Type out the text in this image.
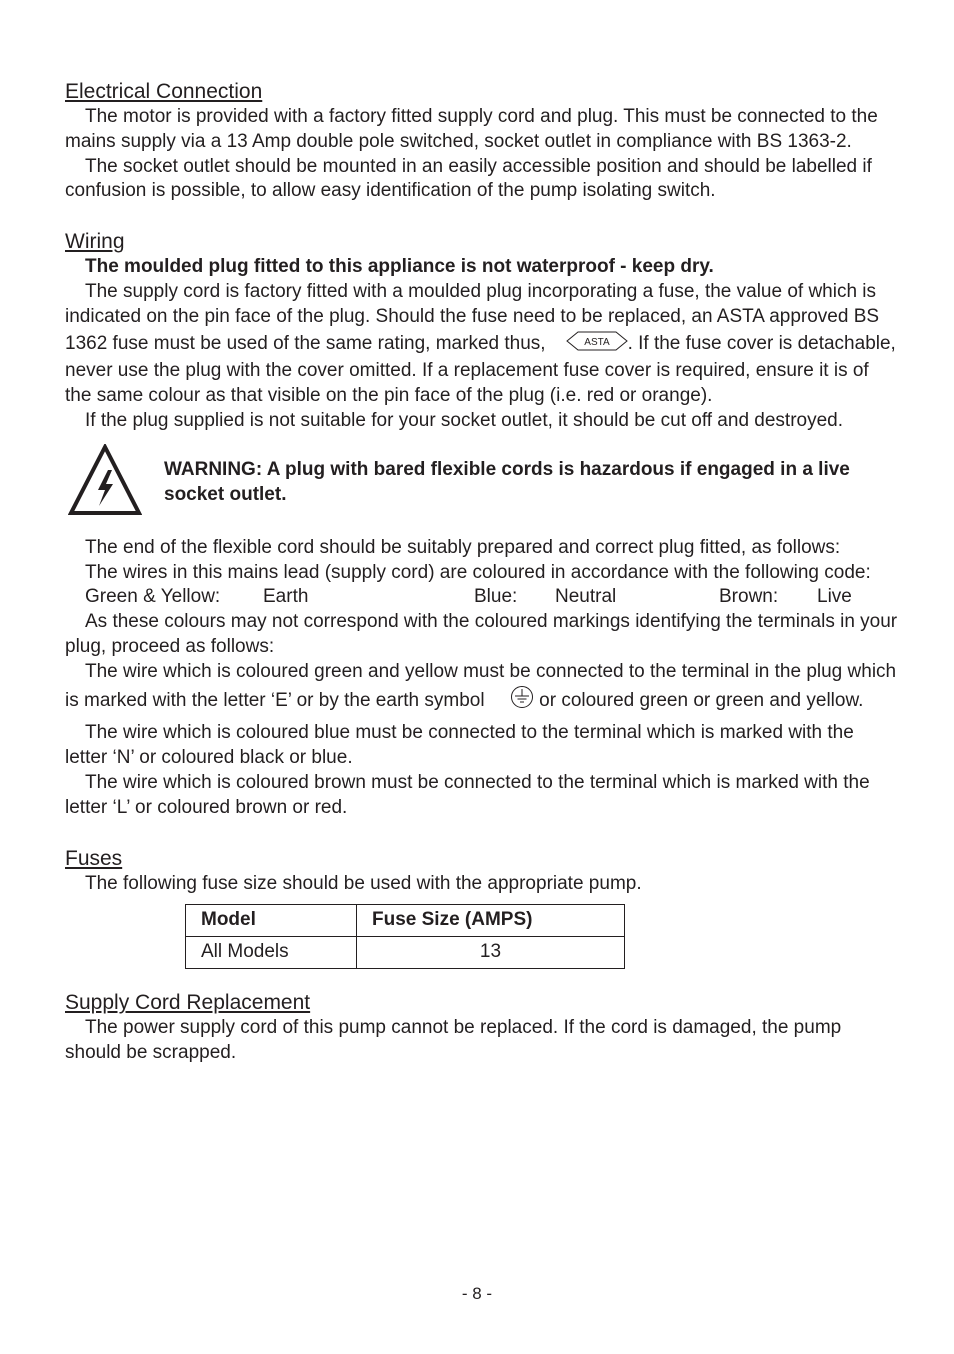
Electrical Connection

The motor is provided with a factory fitted supply cord and plug. This must be connected to the mains supply via a 13 Amp double pole switched, socket outlet in compliance with BS 1363-2.

The socket outlet should be mounted in an easily accessible position and should be labelled if confusion is possible, to allow easy identification of the pump isolating switch.

Wiring

The moulded plug fitted to this appliance is not waterproof - keep dry.

The supply cord is factory fitted with a moulded plug incorporating a fuse, the value of which is indicated on the pin face of the plug. Should the fuse need to be replaced, an ASTA approved BS 1362 fuse must be used of the same rating, marked thus,	ASTA . If the fuse cover is detachable, never use the plug with the cover omitted. If a replacement fuse cover is required, ensure it is of the same colour as that visible on the pin face of the plug (i.e. red or orange).

If the plug supplied is not suitable for your socket outlet, it should be cut off and destroyed.

WARNING: A plug with bared flexible cords is hazardous if engaged in a live socket outlet.

The end of the flexible cord should be suitably prepared and correct plug fitted, as follows:

The wires in this mains lead (supply cord) are coloured in accordance with the following code:

Green & Yellow: Earth	Blue: Neutral	Brown: Live

As these colours may not correspond with the coloured markings identifying the terminals in your plug, proceed as follows:

The wire which is coloured green and yellow must be connected to the terminal in the plug which is marked with the letter ‘E’ or by the earth symbol	or coloured green or green and yellow.

The wire which is coloured blue must be connected to the terminal which is marked with the letter ‘N’ or coloured black or blue.

The wire which is coloured brown must be connected to the terminal which is marked with the letter ‘L’ or coloured brown or red.

Fuses

The following fuse size should be used with the appropriate pump.

Model	Fuse Size (AMPS)
All Models	13
Supply Cord Replacement

The power supply cord of this pump cannot be replaced. If the cord is damaged, the pump should be scrapped.

- 8 -
